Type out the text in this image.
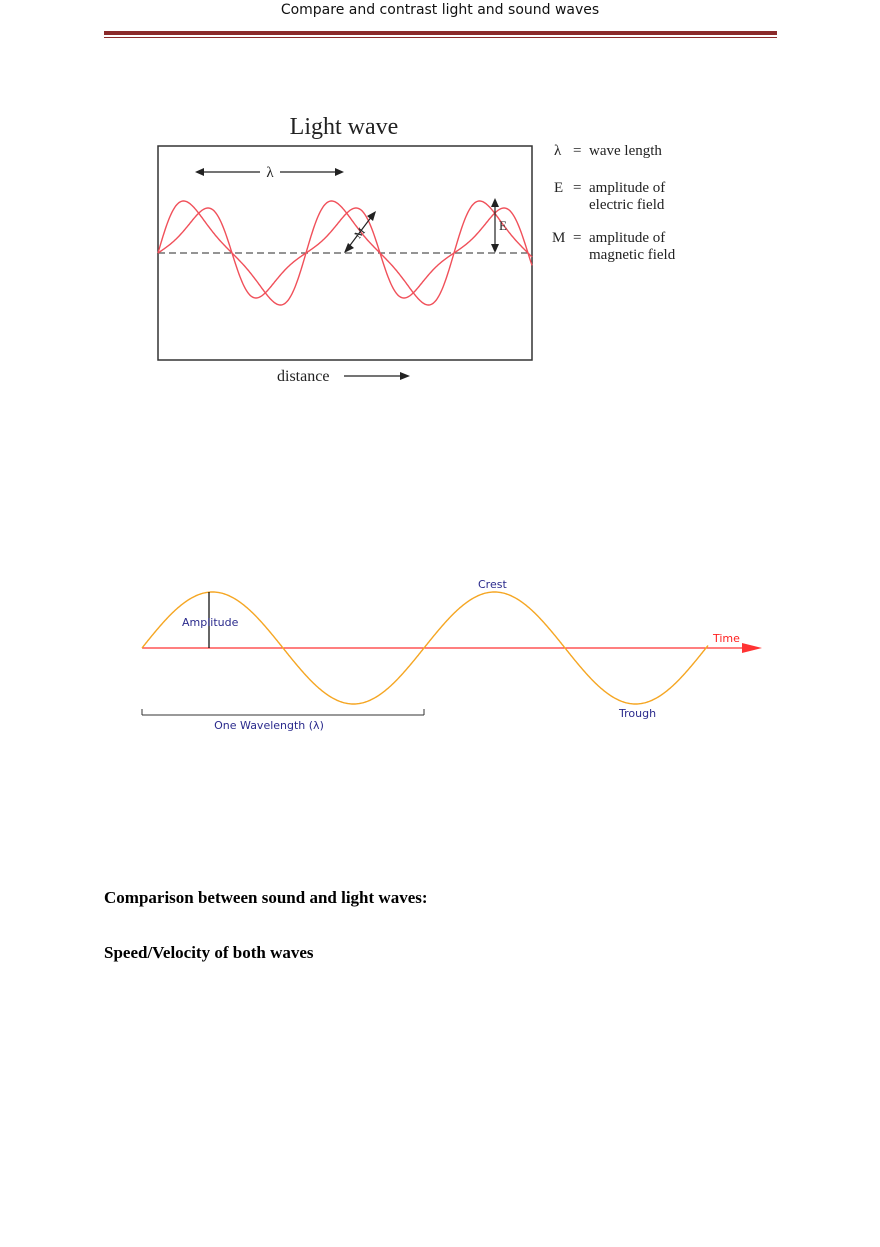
Compare and contrast light and sound waves
Light wave
λ
E
M
distance
λ = wave length
E = amplitude of
electric field
M = amplitude of
magnetic field
Time
Amplitude
Crest
Trough
One Wavelength (λ)
Comparison between sound and light waves:
Speed/Velocity of both waves
